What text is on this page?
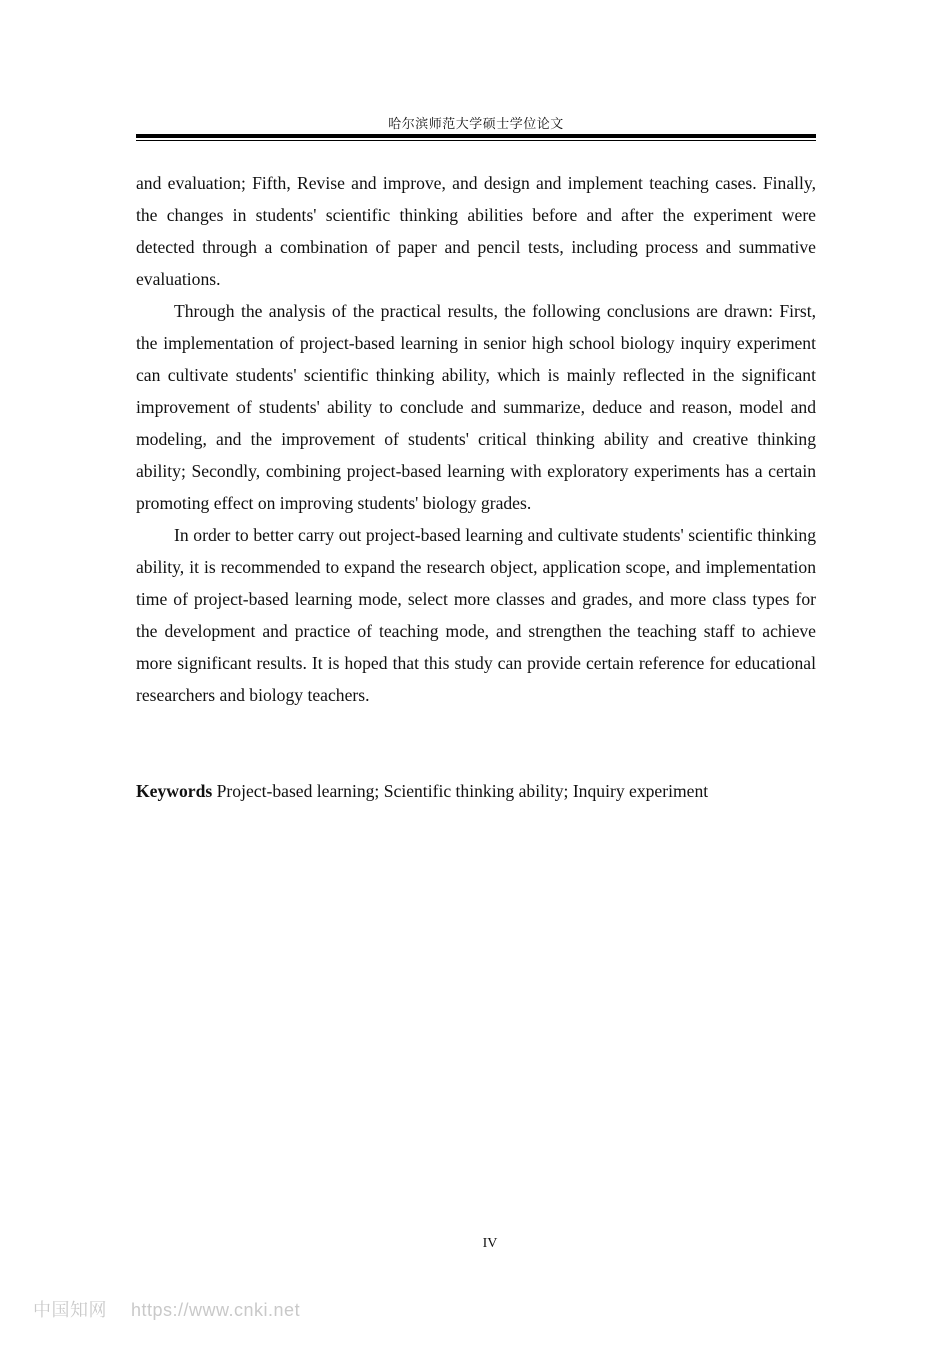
哈尔滨师范大学硕士学位论文

and evaluation; Fifth, Revise and improve, and design and implement teaching cases. Finally, the changes in students' scientific thinking abilities before and after the experiment were detected through a combination of paper and pencil tests, including process and summative evaluations.

Through the analysis of the practical results, the following conclusions are drawn: First, the implementation of project-based learning in senior high school biology inquiry experiment can cultivate students' scientific thinking ability, which is mainly reflected in the significant improvement of students' ability to conclude and summarize, deduce and reason, model and modeling, and the improvement of students' critical thinking ability and creative thinking ability; Secondly, combining project-based learning with exploratory experiments has a certain promoting effect on improving students' biology grades.

In order to better carry out project-based learning and cultivate students' scientific thinking ability, it is recommended to expand the research object, application scope, and implementation time of project-based learning mode, select more classes and grades, and more class types for the development and practice of teaching mode, and strengthen the teaching staff to achieve more significant results. It is hoped that this study can provide certain reference for educational researchers and biology teachers.

Keywords Project-based learning; Scientific thinking ability; Inquiry experiment
IV
中国知网 https://www.cnki.net
